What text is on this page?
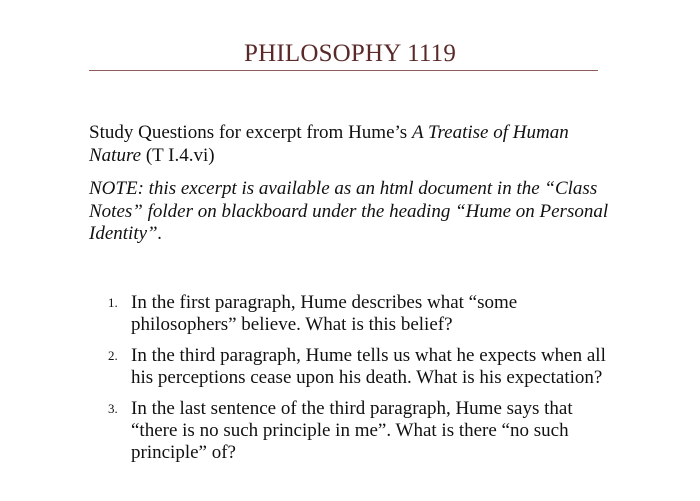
PHILOSOPHY 1119
Study Questions for excerpt from Hume’s A Treatise of Human Nature (T I.4.vi)
NOTE: this excerpt is available as an html document in the “Class Notes” folder on blackboard under the heading “Hume on Personal Identity”.
1. In the first paragraph, Hume describes what “some philosophers” believe. What is this belief?
2. In the third paragraph, Hume tells us what he expects when all his perceptions cease upon his death. What is his expectation?
3. In the last sentence of the third paragraph, Hume says that “there is no such principle in me”. What is there “no such principle” of?
